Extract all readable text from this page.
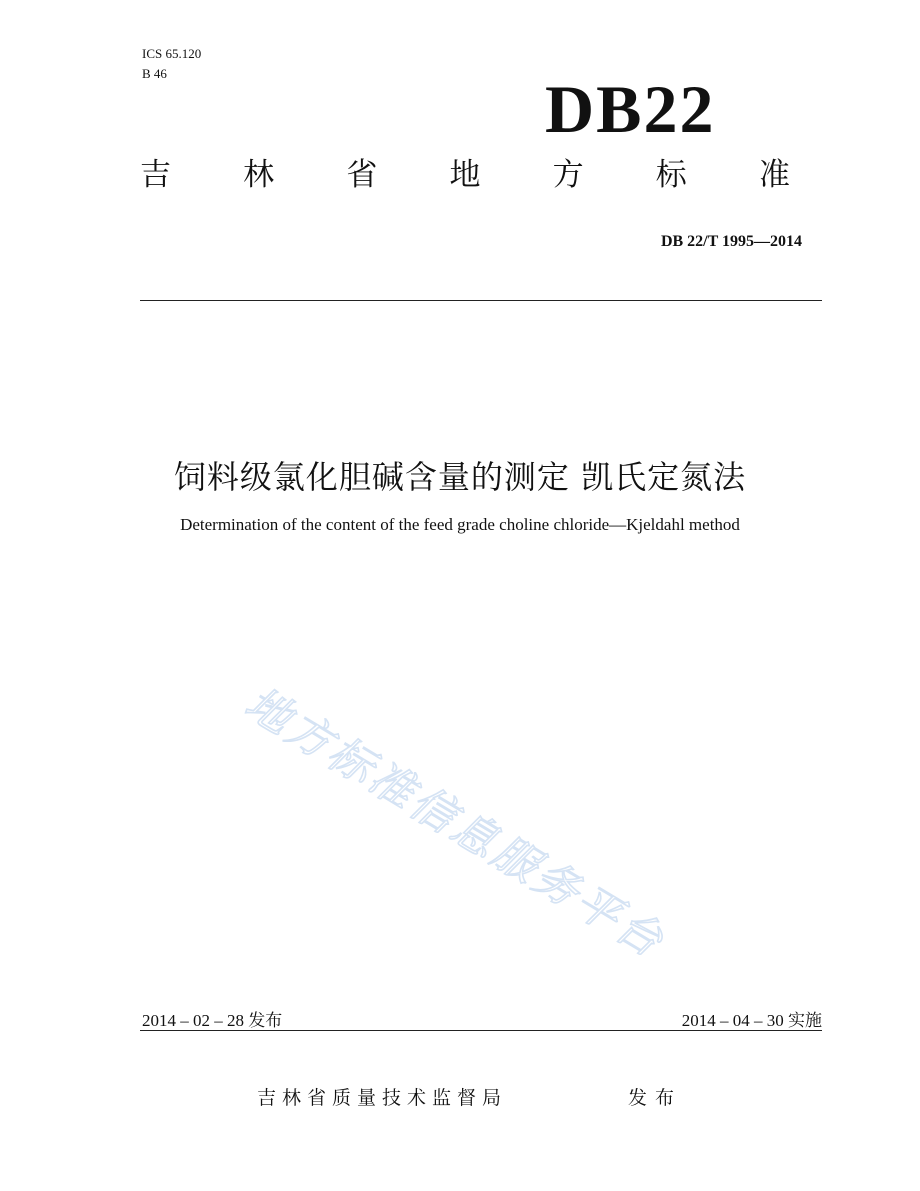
ICS 65.120
B 46	DB22
吉 林 省 地 方 标 准
DB 22/T 1995—2014
饲料级氯化胆碱含量的测定 凯氏定氮法
Determination of the content of the feed grade choline chloride—Kjeldahl method
地方标准信息服务平台
2014 – 02 – 28 发布	2014 – 04 – 30 实施
吉林省质量技术监督局	发布
